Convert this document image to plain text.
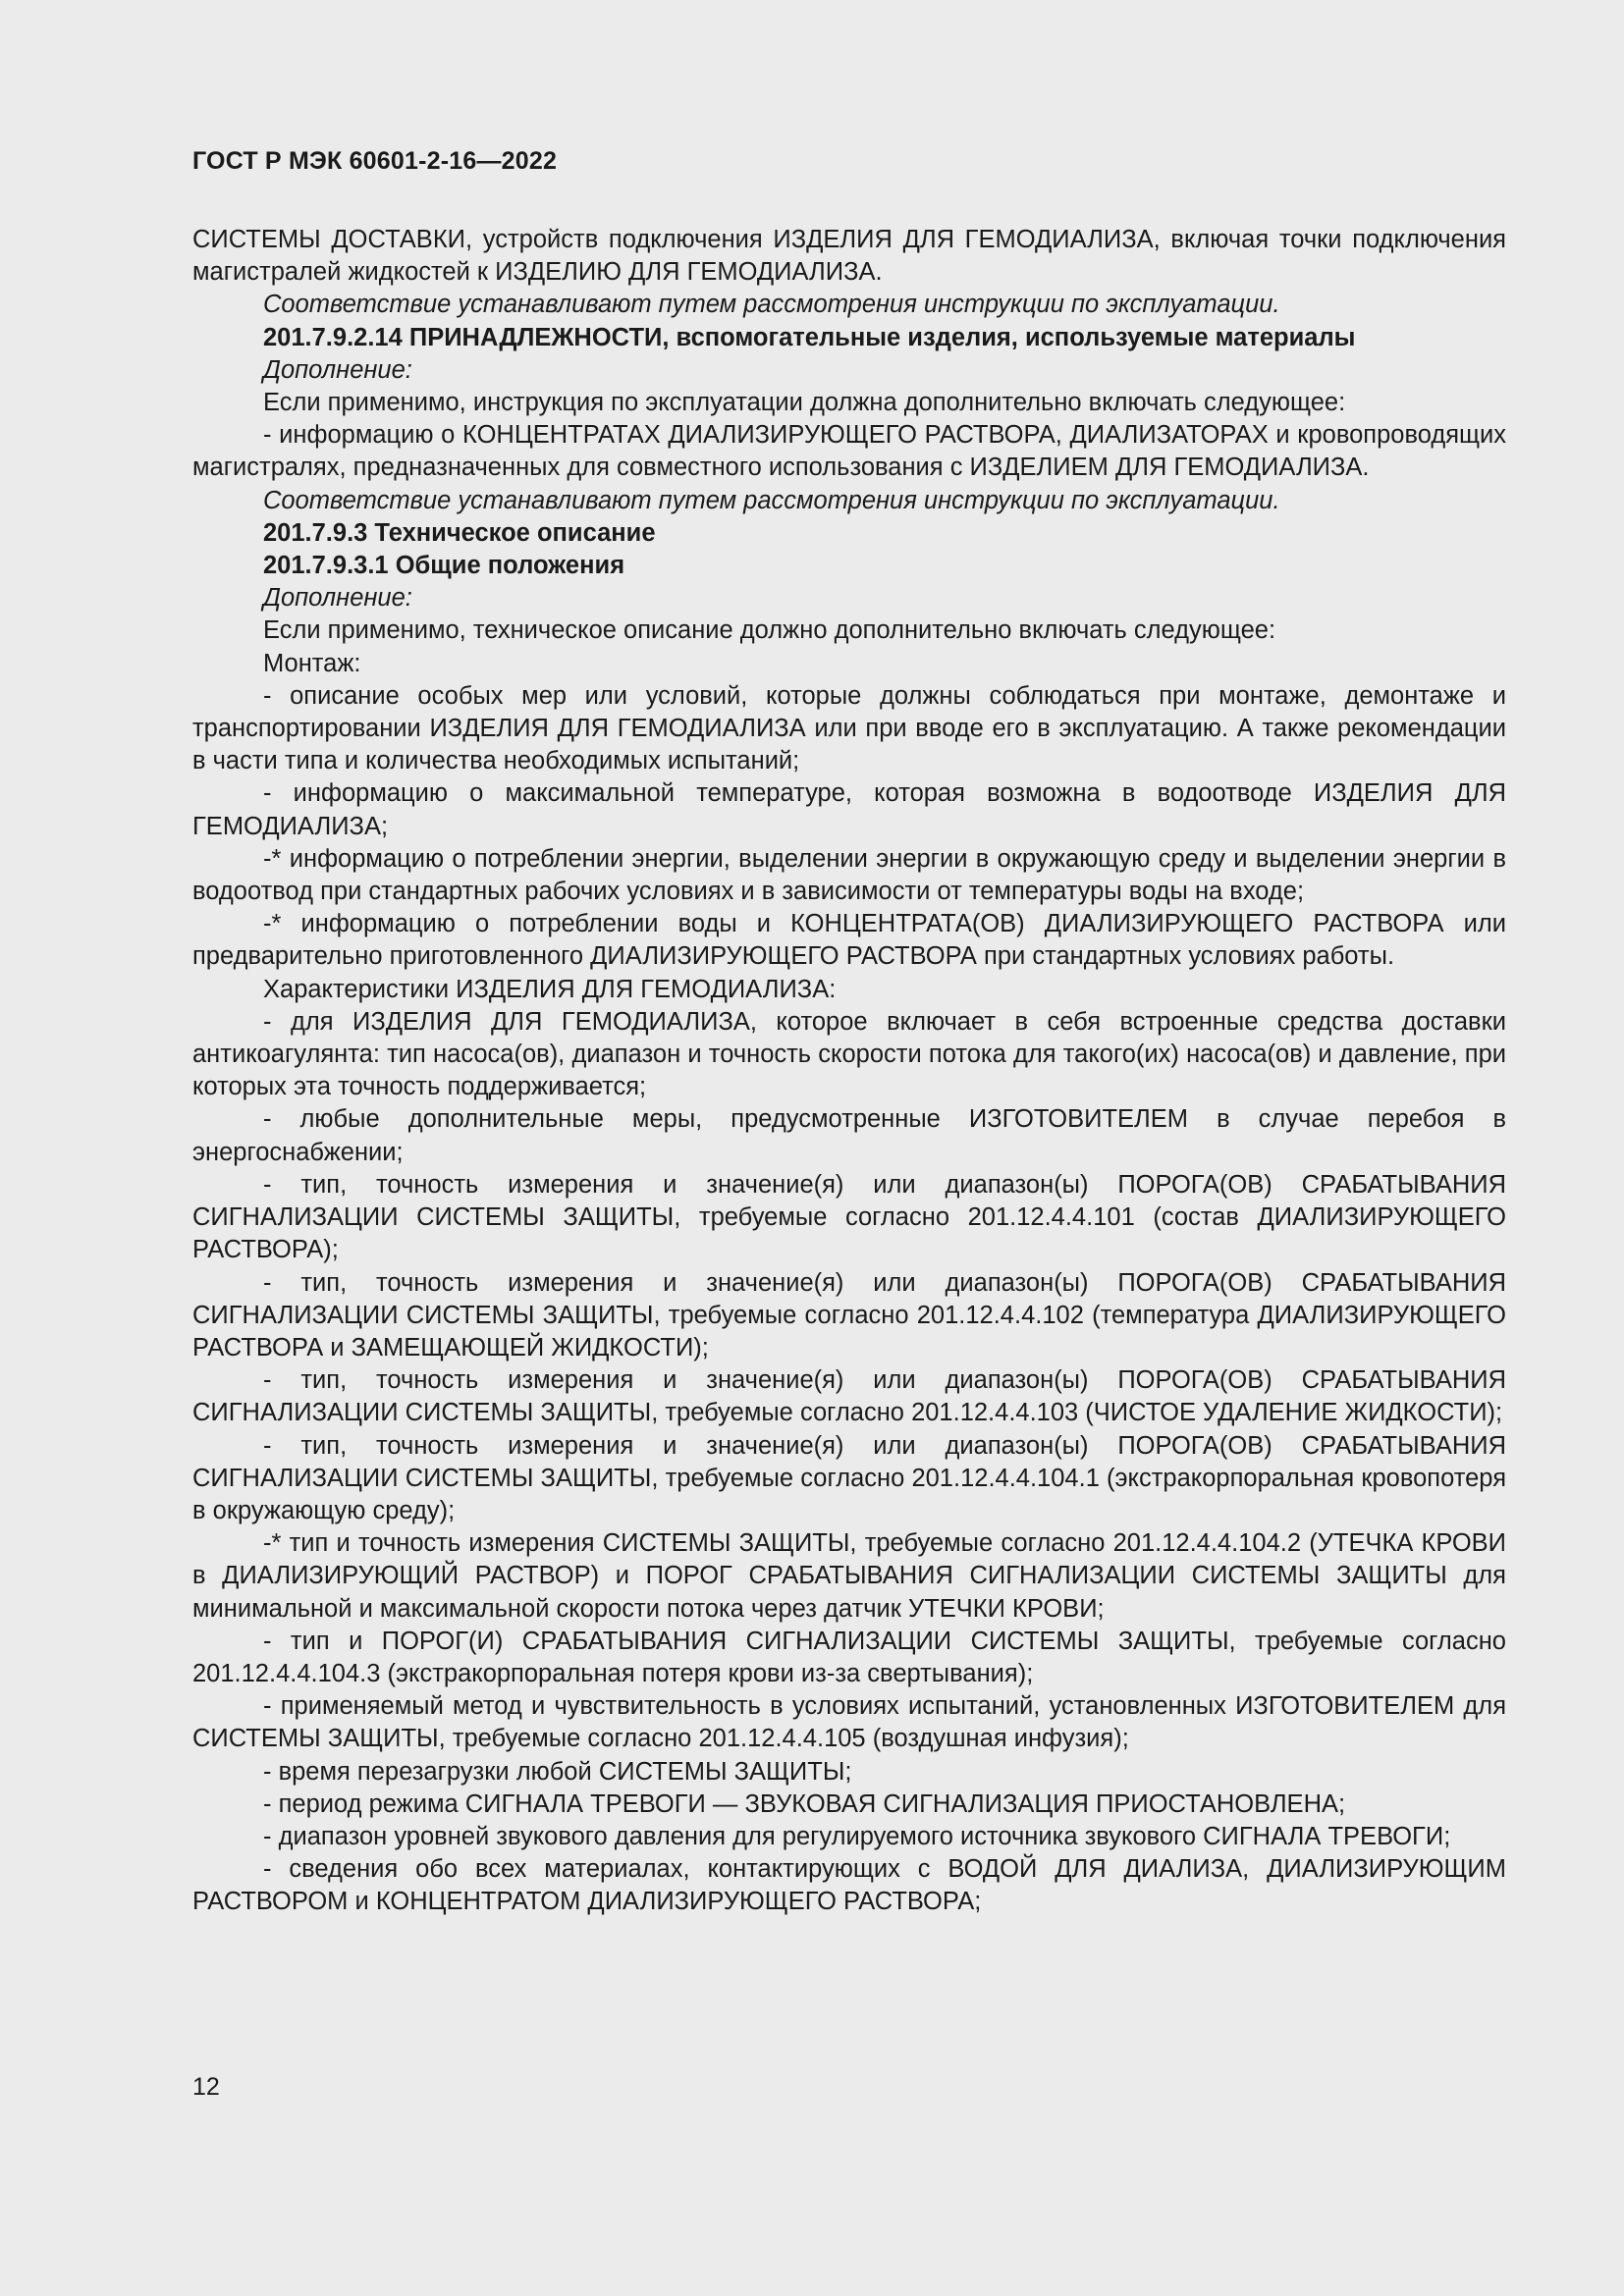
ГОСТ Р МЭК 60601-2-16—2022

СИСТЕМЫ ДОСТАВКИ, устройств подключения ИЗДЕЛИЯ ДЛЯ ГЕМОДИАЛИЗА, включая точки подключения магистралей жидкостей к ИЗДЕЛИЮ ДЛЯ ГЕМОДИАЛИЗА.

Соответствие устанавливают путем рассмотрения инструкции по эксплуатации.

201.7.9.2.14 ПРИНАДЛЕЖНОСТИ, вспомогательные изделия, используемые материалы

Дополнение:

Если применимо, инструкция по эксплуатации должна дополнительно включать следующее:

- информацию о КОНЦЕНТРАТАХ ДИАЛИЗИРУЮЩЕГО РАСТВОРА, ДИАЛИЗАТОРАХ и кровопроводящих магистралях, предназначенных для совместного использования с ИЗДЕЛИЕМ ДЛЯ ГЕМОДИАЛИЗА.

Соответствие устанавливают путем рассмотрения инструкции по эксплуатации.

201.7.9.3 Техническое описание

201.7.9.3.1 Общие положения

Дополнение:

Если применимо, техническое описание должно дополнительно включать следующее:

Монтаж:

- описание особых мер или условий, которые должны соблюдаться при монтаже, демонтаже и транспортировании ИЗДЕЛИЯ ДЛЯ ГЕМОДИАЛИЗА или при вводе его в эксплуатацию. А также рекомендации в части типа и количества необходимых испытаний;

- информацию о максимальной температуре, которая возможна в водоотводе ИЗДЕЛИЯ ДЛЯ ГЕМОДИАЛИЗА;

-* информацию о потреблении энергии, выделении энергии в окружающую среду и выделении энергии в водоотвод при стандартных рабочих условиях и в зависимости от температуры воды на входе;

-* информацию о потреблении воды и КОНЦЕНТРАТА(ОВ) ДИАЛИЗИРУЮЩЕГО РАСТВОРА или предварительно приготовленного ДИАЛИЗИРУЮЩЕГО РАСТВОРА при стандартных условиях работы.

Характеристики ИЗДЕЛИЯ ДЛЯ ГЕМОДИАЛИЗА:

- для ИЗДЕЛИЯ ДЛЯ ГЕМОДИАЛИЗА, которое включает в себя встроенные средства доставки антикоагулянта: тип насоса(ов), диапазон и точность скорости потока для такого(их) насоса(ов) и давление, при которых эта точность поддерживается;

- любые дополнительные меры, предусмотренные ИЗГОТОВИТЕЛЕМ в случае перебоя в энергоснабжении;

- тип, точность измерения и значение(я) или диапазон(ы) ПОРОГА(ОВ) СРАБАТЫВАНИЯ СИГНАЛИЗАЦИИ СИСТЕМЫ ЗАЩИТЫ, требуемые согласно 201.12.4.4.101 (состав ДИАЛИЗИРУЮЩЕГО РАСТВОРА);

- тип, точность измерения и значение(я) или диапазон(ы) ПОРОГА(ОВ) СРАБАТЫВАНИЯ СИГНАЛИЗАЦИИ СИСТЕМЫ ЗАЩИТЫ, требуемые согласно 201.12.4.4.102 (температура ДИАЛИЗИРУЮЩЕГО РАСТВОРА и ЗАМЕЩАЮЩЕЙ ЖИДКОСТИ);

- тип, точность измерения и значение(я) или диапазон(ы) ПОРОГА(ОВ) СРАБАТЫВАНИЯ СИГНАЛИЗАЦИИ СИСТЕМЫ ЗАЩИТЫ, требуемые согласно 201.12.4.4.103 (ЧИСТОЕ УДАЛЕНИЕ ЖИДКОСТИ);

- тип, точность измерения и значение(я) или диапазон(ы) ПОРОГА(ОВ) СРАБАТЫВАНИЯ СИГНАЛИЗАЦИИ СИСТЕМЫ ЗАЩИТЫ, требуемые согласно 201.12.4.4.104.1 (экстракорпоральная кровопотеря в окружающую среду);

-* тип и точность измерения СИСТЕМЫ ЗАЩИТЫ, требуемые согласно 201.12.4.4.104.2 (УТЕЧКА КРОВИ в ДИАЛИЗИРУЮЩИЙ РАСТВОР) и ПОРОГ СРАБАТЫВАНИЯ СИГНАЛИЗАЦИИ СИСТЕМЫ ЗАЩИТЫ для минимальной и максимальной скорости потока через датчик УТЕЧКИ КРОВИ;

- тип и ПОРОГ(И) СРАБАТЫВАНИЯ СИГНАЛИЗАЦИИ СИСТЕМЫ ЗАЩИТЫ, требуемые согласно 201.12.4.4.104.3 (экстракорпоральная потеря крови из-за свертывания);

- применяемый метод и чувствительность в условиях испытаний, установленных ИЗГОТОВИТЕЛЕМ для СИСТЕМЫ ЗАЩИТЫ, требуемые согласно 201.12.4.4.105 (воздушная инфузия);

- время перезагрузки любой СИСТЕМЫ ЗАЩИТЫ;

- период режима СИГНАЛА ТРЕВОГИ — ЗВУКОВАЯ СИГНАЛИЗАЦИЯ ПРИОСТАНОВЛЕНА;

- диапазон уровней звукового давления для регулируемого источника звукового СИГНАЛА ТРЕВОГИ;

- сведения обо всех материалах, контактирующих с ВОДОЙ ДЛЯ ДИАЛИЗА, ДИАЛИЗИРУЮЩИМ РАСТВОРОМ и КОНЦЕНТРАТОМ ДИАЛИЗИРУЮЩЕГО РАСТВОРА;

12
